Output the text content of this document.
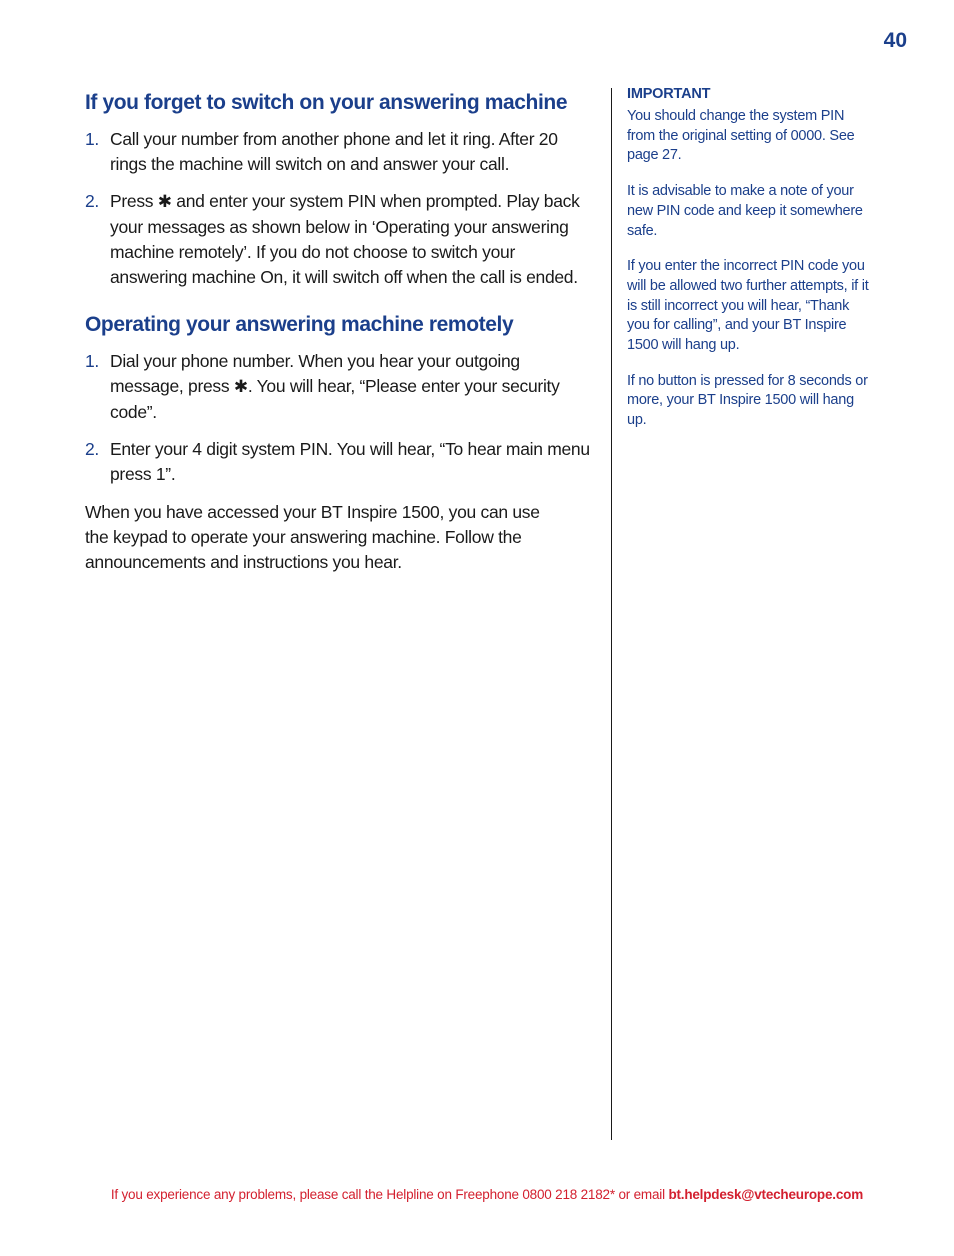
40
If you forget to switch on your answering machine
1. Call your number from another phone and let it ring. After 20 rings the machine will switch on and answer your call.
2. Press ✱ and enter your system PIN when prompted. Play back your messages as shown below in ‘Operating your answering machine remotely’. If you do not choose to switch your answering machine On, it will switch off when the call is ended.
Operating your answering machine remotely
1. Dial your phone number. When you hear your outgoing message, press ✱. You will hear, “Please enter your security code”.
2. Enter your 4 digit system PIN. You will hear, “To hear main menu press 1”.

When you have accessed your BT Inspire 1500, you can use the keypad to operate your answering machine. Follow the announcements and instructions you hear.

IMPORTANT

You should change the system PIN from the original setting of 0000. See page 27.

It is advisable to make a note of your new PIN code and keep it somewhere safe.

If you enter the incorrect PIN code you will be allowed two further attempts, if it is still incorrect you will hear, “Thank you for calling”, and your BT Inspire 1500 will hang up.

If no button is pressed for 8 seconds or more, your BT Inspire 1500 will hang up.

If you experience any problems, please call the Helpline on Freephone 0800 218 2182* or email bt.helpdesk@vtecheurope.com
